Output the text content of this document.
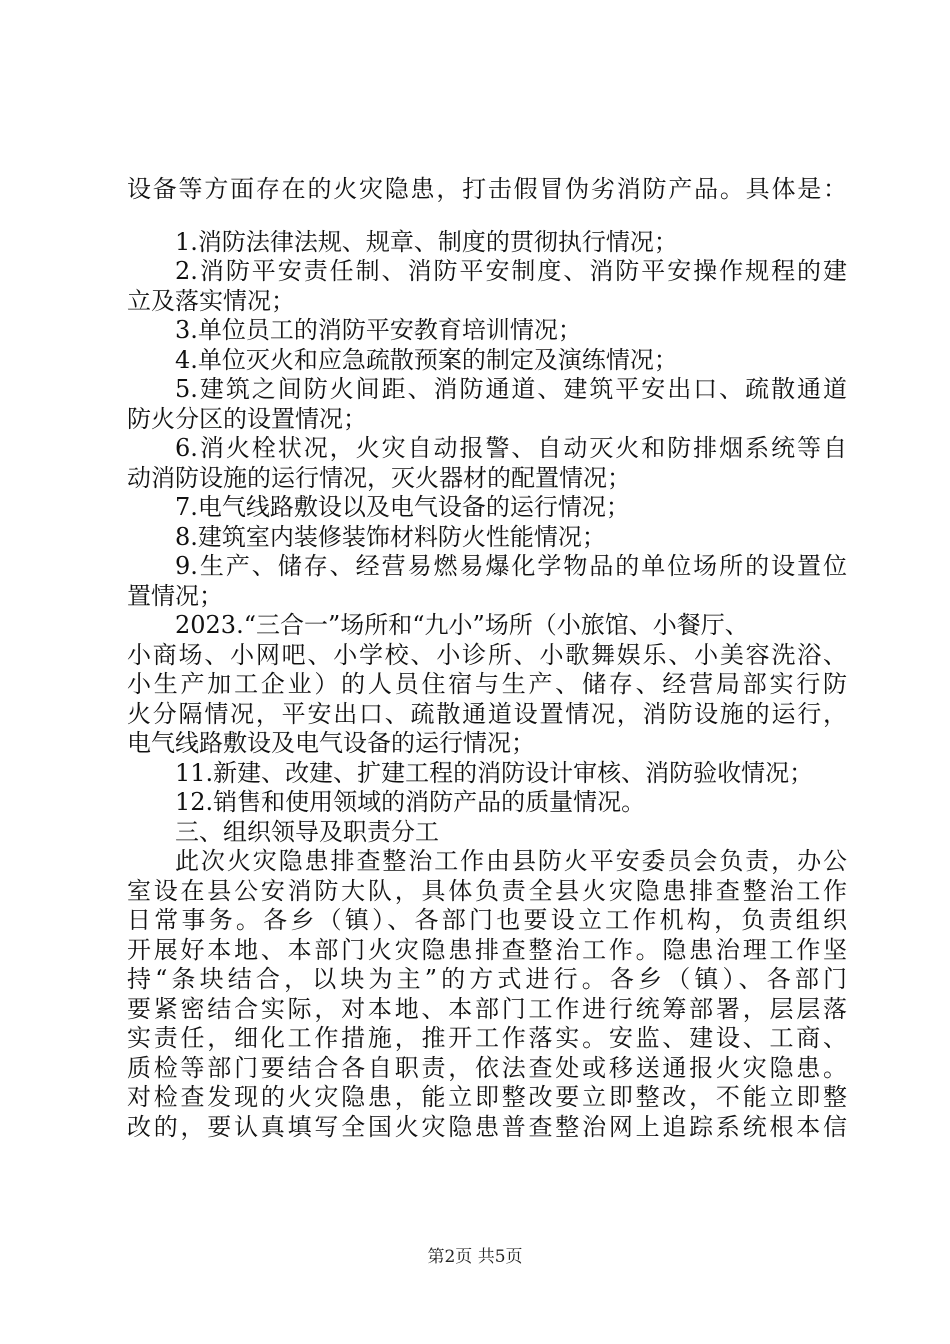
设备等方面存在的火灾隐患，打击假冒伪劣消防产品。具体是：
1.消防法律法规、规章、制度的贯彻执行情况；
2.消防平安责任制、消防平安制度、消防平安操作规程的建
立及落实情况；
3.单位员工的消防平安教育培训情况；
4.单位灭火和应急疏散预案的制定及演练情况；
5.建筑之间防火间距、消防通道、建筑平安出口、疏散通道
防火分区的设置情况；
6.消火栓状况，火灾自动报警、自动灭火和防排烟系统等自
动消防设施的运行情况，灭火器材的配置情况；
7.电气线路敷设以及电气设备的运行情况；
8.建筑室内装修装饰材料防火性能情况；
9.生产、储存、经营易燃易爆化学物品的单位场所的设置位
置情况；
2023.“三合一”场所和“九小”场所（小旅馆、小餐厅、
小商场、小网吧、小学校、小诊所、小歌舞娱乐、小美容洗浴、
小生产加工企业）的人员住宿与生产、储存、经营局部实行防
火分隔情况，平安出口、疏散通道设置情况，消防设施的运行，
电气线路敷设及电气设备的运行情况；
11.新建、改建、扩建工程的消防设计审核、消防验收情况；
12.销售和使用领域的消防产品的质量情况。
三、组织领导及职责分工
此次火灾隐患排查整治工作由县防火平安委员会负责，办公
室设在县公安消防大队，具体负责全县火灾隐患排查整治工作
日常事务。各乡（镇）、各部门也要设立工作机构，负责组织
开展好本地、本部门火灾隐患排查整治工作。隐患治理工作坚
持“条块结合，以块为主”的方式进行。各乡（镇）、各部门
要紧密结合实际，对本地、本部门工作进行统筹部署，层层落
实责任，细化工作措施，推开工作落实。安监、建设、工商、
质检等部门要结合各自职责，依法查处或移送通报火灾隐患。
对检查发现的火灾隐患，能立即整改要立即整改，不能立即整
改的，要认真填写全国火灾隐患普查整治网上追踪系统根本信
第2页 共5页
